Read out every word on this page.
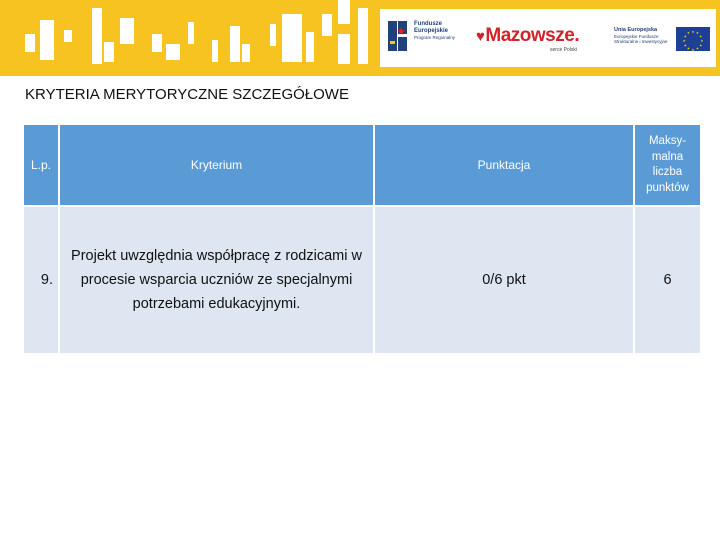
Fundusze Europejskie
Program Regionalny	♥Mazowsze.
serce Polski
Unia Europejska
Europejskie Fundusze Strukturalne i Inwestycyjne
★ ★
★
★
★
★
★
★
★
★
★
★
KRYTERIA MERYTORYCZNE SZCZEGÓŁOWE
L.p.	Kryterium	Punktacja	Maksy-malna liczba punktów
9.	Projekt uwzględnia współpracę z rodzicami w procesie wsparcia uczniów ze specjalnymi potrzebami edukacyjnymi.	0/6 pkt	6
